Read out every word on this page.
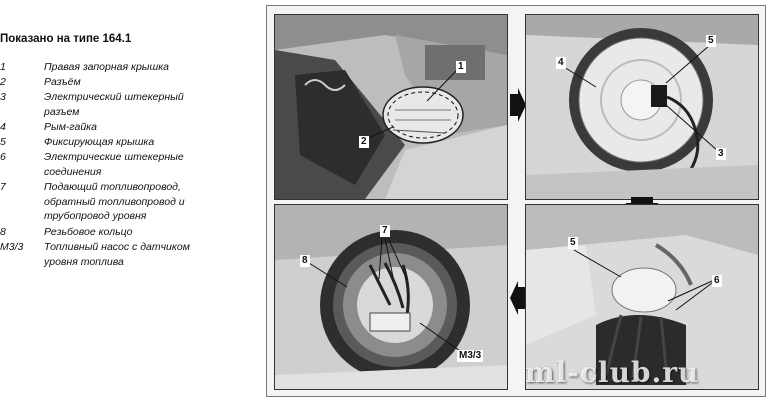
Показано на типе 164.1
1	Правая запорная крышка
2	Разъём
3	Электрический штекерный разъем
4	Рым-гайка
5	Фиксирующая крышка
6	Электрические штекерные соединения
7	Подающий топливопровод, обратный топливопровод и трубопровод уровня
8	Резьбовое кольцо
M3/3 Топливный насос с датчиком уровня топлива
1
2
4
5
3
7
8
M3/3
5
6
ml-club.ru
